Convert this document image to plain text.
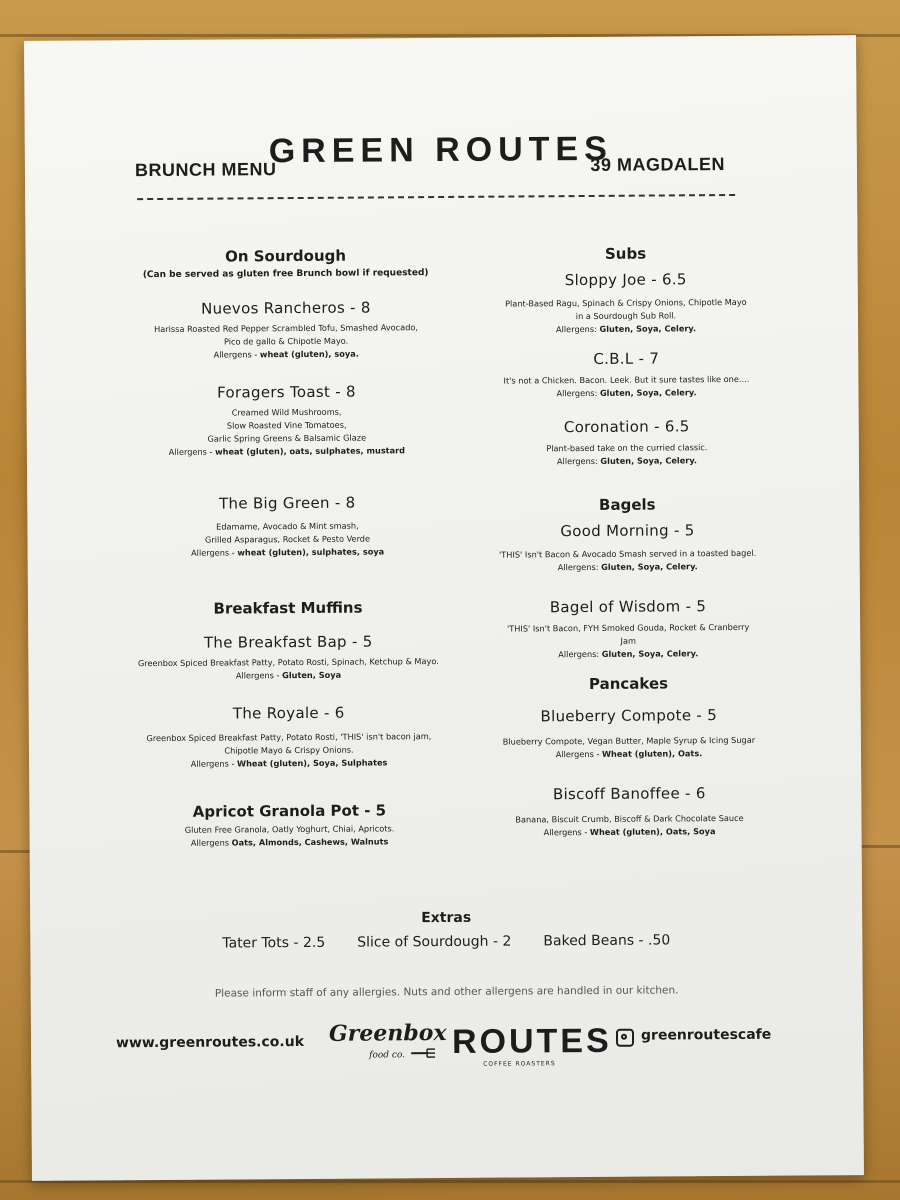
BRUNCH MENU
GREEN ROUTES
39 MAGDALEN
On Sourdough
(Can be served as gluten free Brunch bowl if requested)
Nuevos Rancheros - 8
Harissa Roasted Red Pepper Scrambled Tofu, Smashed Avocado,
Pico de gallo & Chipotle Mayo.
Allergens - wheat (gluten), soya.
Foragers Toast - 8
Creamed Wild Mushrooms,
Slow Roasted Vine Tomatoes,
Garlic Spring Greens & Balsamic Glaze
Allergens - wheat (gluten), oats, sulphates, mustard
The Big Green - 8
Edamame, Avocado & Mint smash,
Grilled Asparagus, Rocket & Pesto Verde
Allergens - wheat (gluten), sulphates, soya
Breakfast Muffins
The Breakfast Bap - 5
Greenbox Spiced Breakfast Patty, Potato Rosti, Spinach, Ketchup & Mayo.
Allergens - Gluten, Soya
The Royale - 6
Greenbox Spiced Breakfast Patty, Potato Rosti, 'THIS' isn't bacon jam,
Chipotle Mayo & Crispy Onions.
Allergens - Wheat (gluten), Soya, Sulphates
Apricot Granola Pot - 5
Gluten Free Granola, Oatly Yoghurt, Chiai, Apricots.
Allergens Oats, Almonds, Cashews, Walnuts
Subs
Sloppy Joe - 6.5
Plant-Based Ragu, Spinach & Crispy Onions, Chipotle Mayo
in a Sourdough Sub Roll.
Allergens: Gluten, Soya, Celery.
C.B.L - 7
It's not a Chicken. Bacon. Leek. But it sure tastes like one....
Allergens: Gluten, Soya, Celery.
Coronation - 6.5
Plant-based take on the curried classic.
Allergens: Gluten, Soya, Celery.
Bagels
Good Morning - 5
'THIS' Isn't Bacon & Avocado Smash served in a toasted bagel.
Allergens: Gluten, Soya, Celery.
Bagel of Wisdom - 5
'THIS' Isn't Bacon, FYH Smoked Gouda, Rocket & Cranberry
Jam
Allergens: Gluten, Soya, Celery.
Pancakes
Blueberry Compote - 5
Blueberry Compote, Vegan Butter, Maple Syrup & Icing Sugar
Allergens - Wheat (gluten), Oats.
Biscoff Banoffee - 6
Banana, Biscuit Crumb, Biscoff & Dark Chocolate Sauce
Allergens - Wheat (gluten), Oats, Soya
Extras
Tater Tots - 2.5 Slice of Sourdough - 2 Baked Beans - .50
Please inform staff of any allergies. Nuts and other allergens are handled in our kitchen.
www.greenroutes.co.uk Greenbox
food co. ROUTES
COFFEE ROASTERS
greenroutescafe
